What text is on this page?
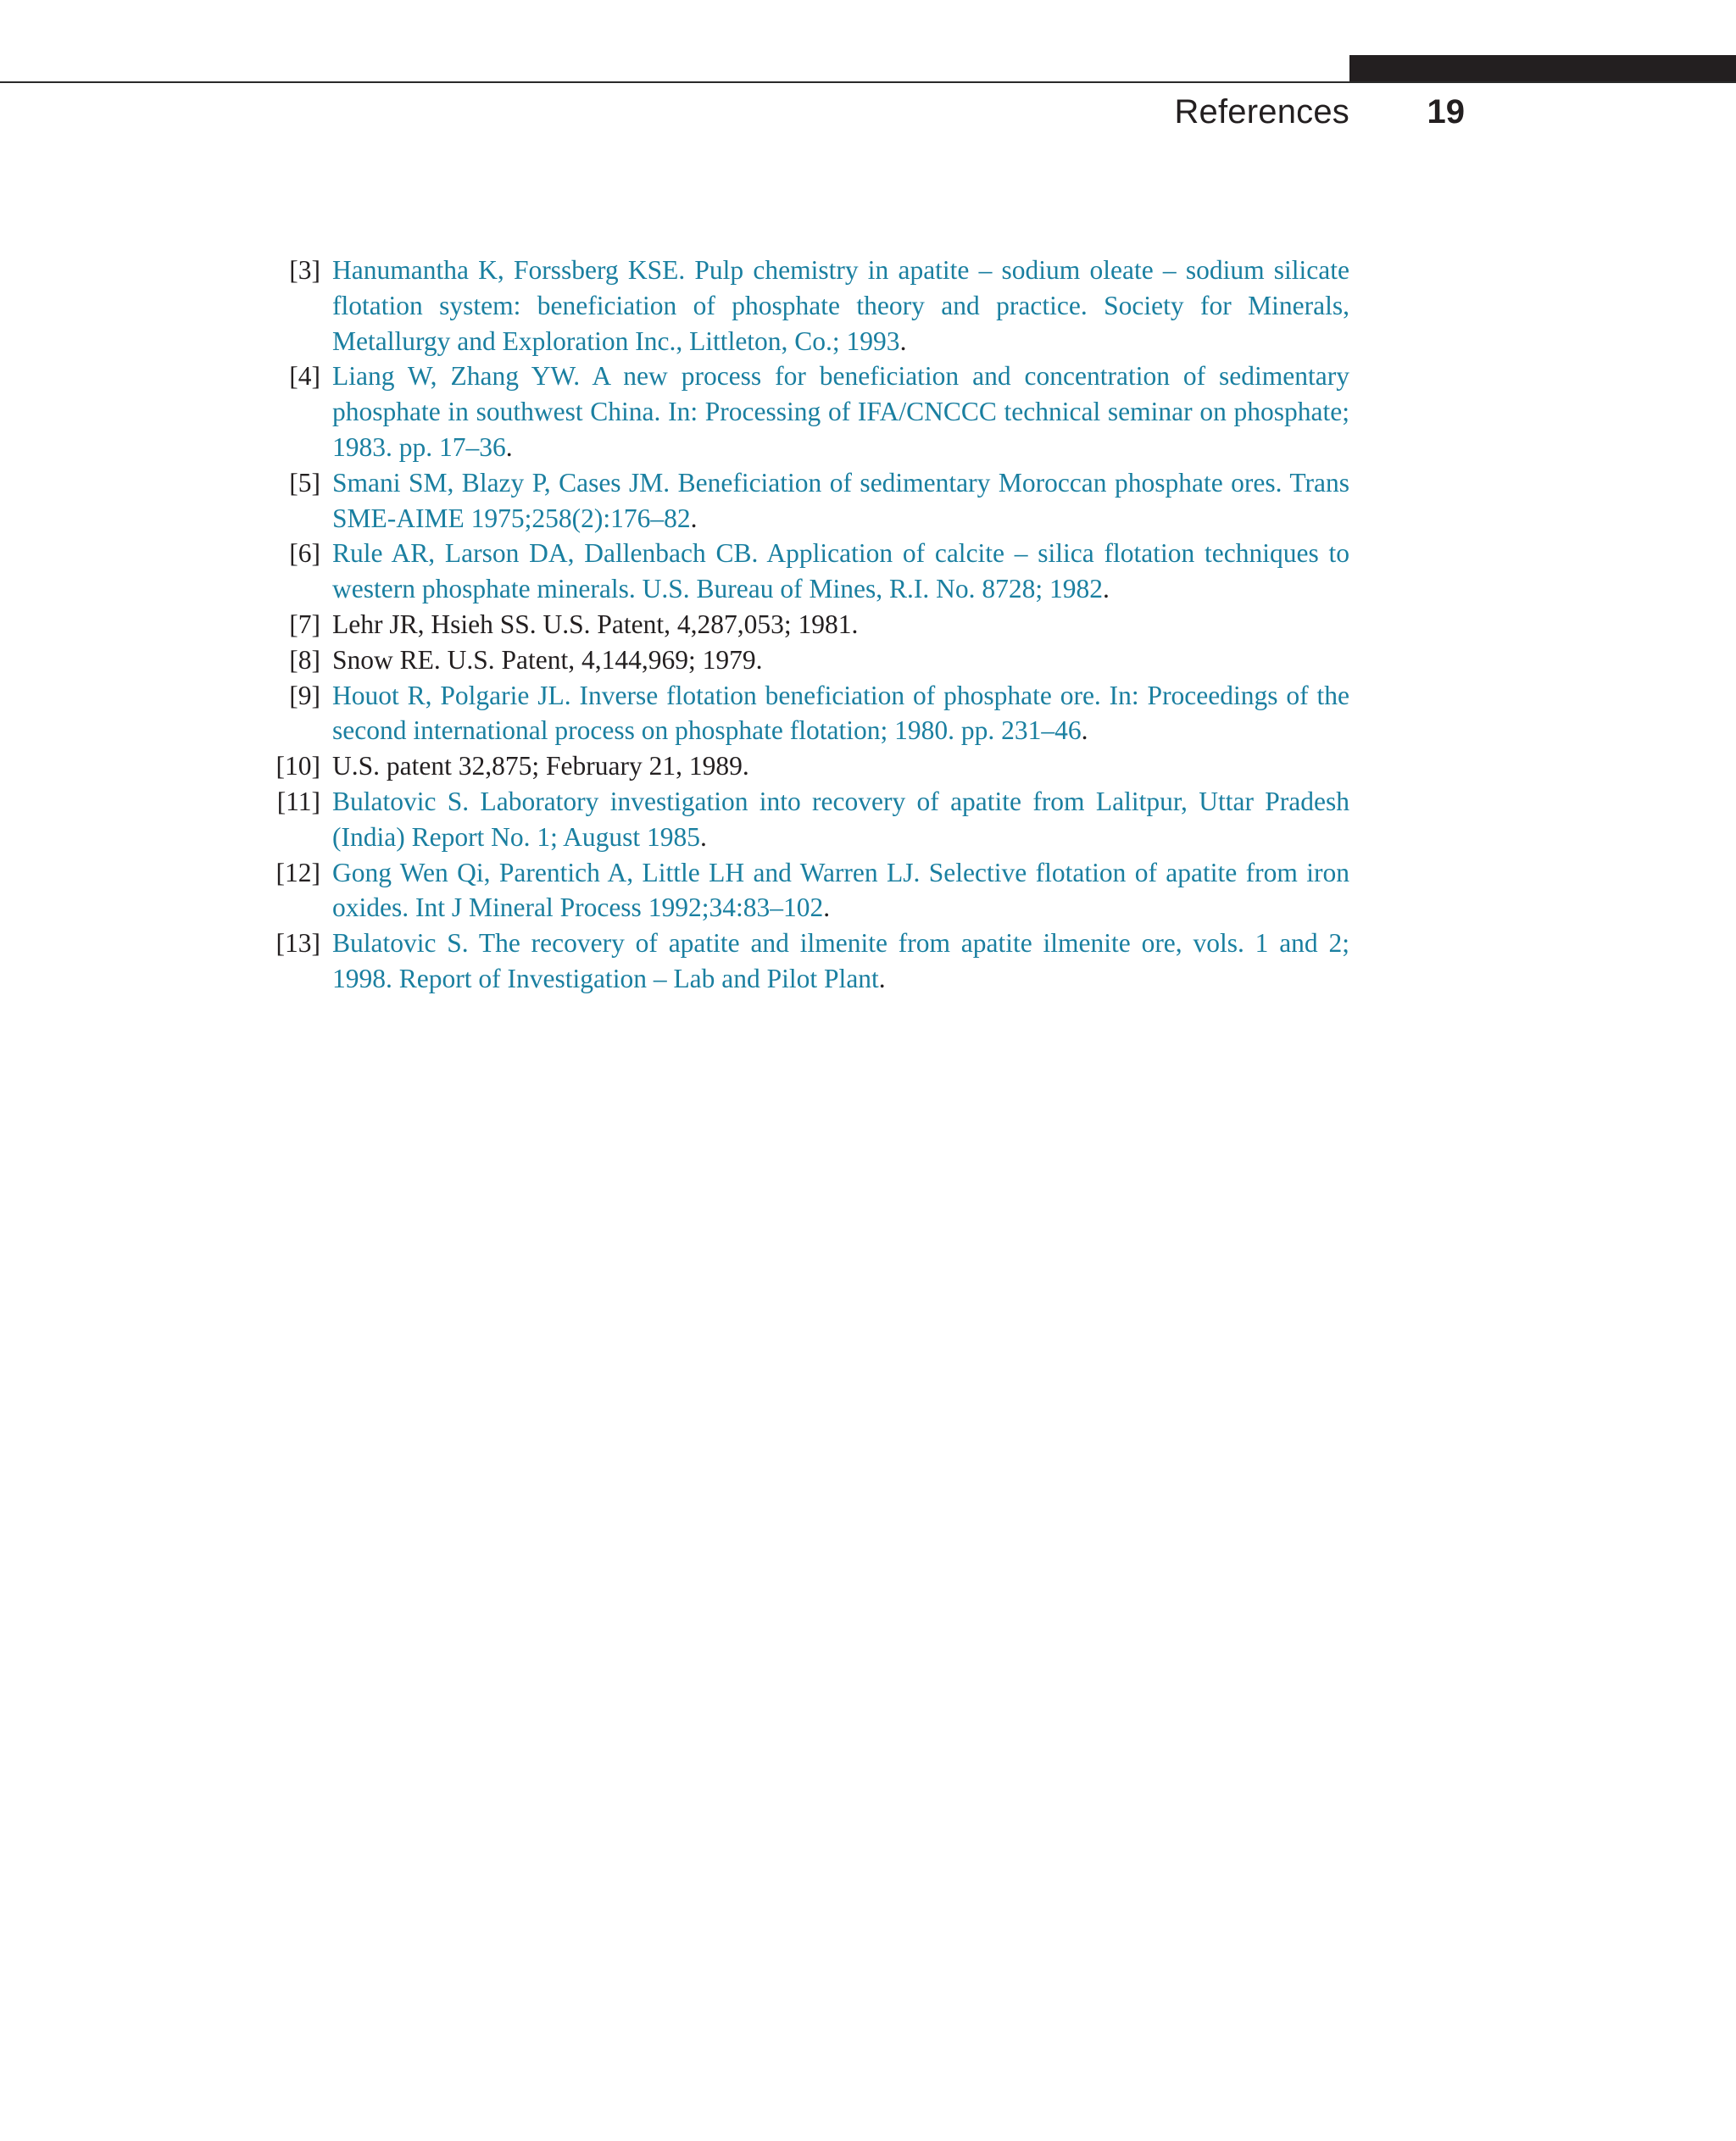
References 19
[3] Hanumantha K, Forssberg KSE. Pulp chemistry in apatite – sodium oleate – sodium silicate flotation system: beneficiation of phosphate theory and practice. Society for Minerals, Metallurgy and Exploration Inc., Littleton, Co.; 1993.
[4] Liang W, Zhang YW. A new process for beneficiation and concentration of sedimentary phosphate in southwest China. In: Processing of IFA/CNCCC technical seminar on phosphate; 1983. pp. 17–36.
[5] Smani SM, Blazy P, Cases JM. Beneficiation of sedimentary Moroccan phosphate ores. Trans SME-AIME 1975;258(2):176–82.
[6] Rule AR, Larson DA, Dallenbach CB. Application of calcite – silica flotation techniques to western phosphate minerals. U.S. Bureau of Mines, R.I. No. 8728; 1982.
[7] Lehr JR, Hsieh SS. U.S. Patent, 4,287,053; 1981.
[8] Snow RE. U.S. Patent, 4,144,969; 1979.
[9] Houot R, Polgarie JL. Inverse flotation beneficiation of phosphate ore. In: Proceedings of the second international process on phosphate flotation; 1980. pp. 231–46.
[10] U.S. patent 32,875; February 21, 1989.
[11] Bulatovic S. Laboratory investigation into recovery of apatite from Lalitpur, Uttar Pradesh (India) Report No. 1; August 1985.
[12] Gong Wen Qi, Parentich A, Little LH and Warren LJ. Selective flotation of apatite from iron oxides. Int J Mineral Process 1992;34:83–102.
[13] Bulatovic S. The recovery of apatite and ilmenite from apatite ilmenite ore, vols. 1 and 2; 1998. Report of Investigation – Lab and Pilot Plant.
